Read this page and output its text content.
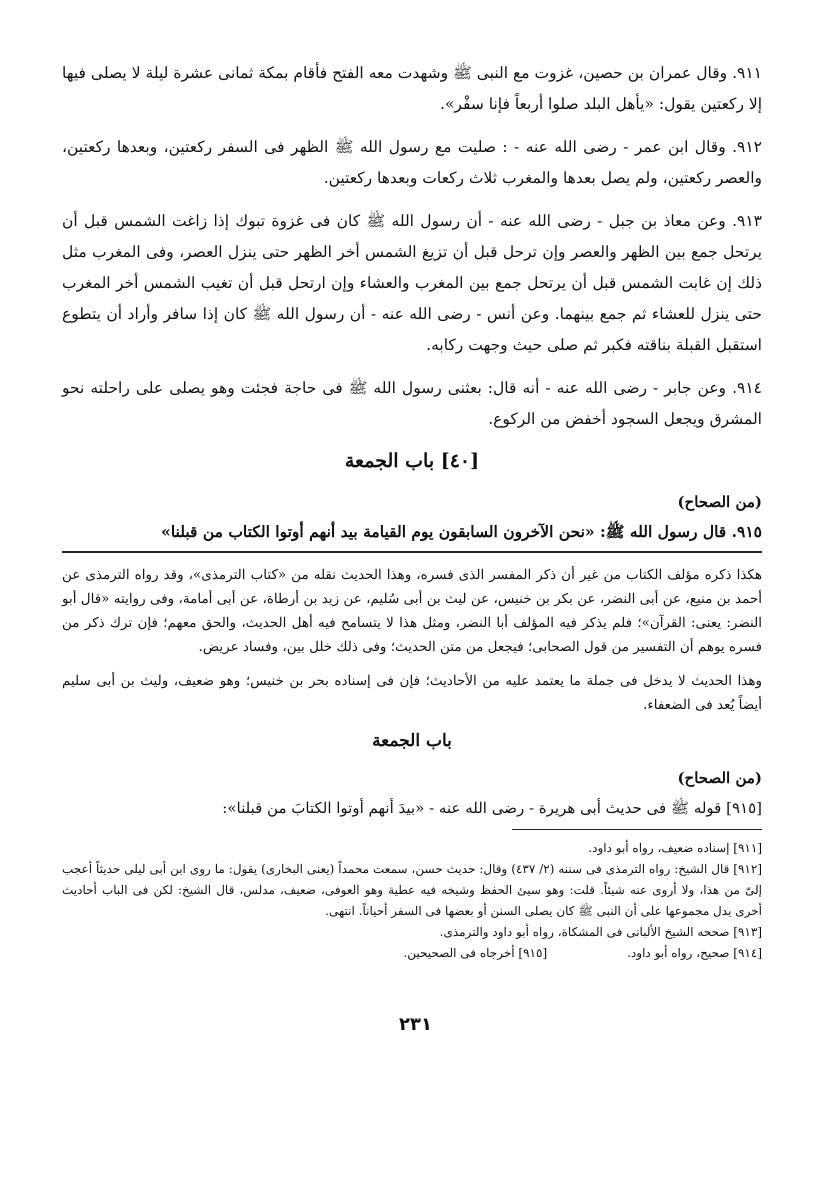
٩١١. وقال عمران بن حصين، غزوت مع النبى ﷺ وشهدت معه الفتح فأقام بمكة ثمانى عشرة ليلة لا يصلى فيها إلا ركعتين يقول: «يأهل البلد صلوا أربعاً فإنا سفْر».

٩١٢. وقال ابن عمر - رضى الله عنه - : صليت مع رسول الله ﷺ الظهر فى السفر ركعتين، وبعدها ركعتين، والعصر ركعتين، ولم يصل بعدها والمغرب ثلاث ركعات وبعدها ركعتين.

٩١٣. وعن معاذ بن جبل - رضى الله عنه - أن رسول الله ﷺ كان فى غزوة تبوك إذا زاغت الشمس قبل أن يرتحل جمع بين الظهر والعصر وإن ترحل قبل أن تزيغ الشمس أخر الظهر حتى ينزل العصر، وفى المغرب مثل ذلك إن غابت الشمس قبل أن يرتحل جمع بين المغرب والعشاء وإن ارتحل قبل أن تغيب الشمس أخر المغرب حتى ينزل للعشاء ثم جمع بينهما. وعن أنس - رضى الله عنه - أن رسول الله ﷺ كان إذا سافر وأراد أن يتطوع استقبل القبلة بناقته فكبر ثم صلى حيث وجهت ركابه.

٩١٤. وعن جابر - رضى الله عنه - أنه قال: بعثنى رسول الله ﷺ فى حاجة فجئت وهو يصلى على راحلته نحو المشرق ويجعل السجود أخفض من الركوع.

[٤٠] باب الجمعة
(من الصحاح)

٩١٥. قال رسول الله ﷺ: «نحن الآخرون السابقون يوم القيامة بيد أنهم أوتوا الكتاب من قبلنا»

هكذا ذكره مؤلف الكتاب من غير أن ذكر المفسر الذى فسره، وهذا الحديث نقله من «كتاب الترمذى»، وقد رواه الترمذى عن أحمد بن منيع، عن أبى النضر، عن بكر بن خنيس، عن ليث بن أبى سُليم، عن زيد بن أرطاة، عن أبى أمامة، وفى روايته «قال أبو النضر: يعنى: القرآن»؛ فلم يذكر فيه المؤلف أبا النضر، ومثل هذا لا يتسامح فيه أهل الحديث، والحق معهم؛ فإن ترك ذكر من فسره يوهم أن التفسير من قول الصحابى؛ فيجعل من متن الحديث؛ وفى ذلك خلل بين، وفساد عريض.

وهذا الحديث لا يدخل فى جملة ما يعتمد عليه من الأحاديث؛ فإن فى إسناده بحر بن خنيس؛ وهو ضعيف، وليث بن أبى سليم أيضاً يُعد فى الضعفاء.

باب الجمعة
(من الصحاح)

[٩١٥] قوله ﷺ فى حديث أبى هريرة - رضى الله عنه - «بيدَ أنهم أوتوا الكتابَ من قبلنا»:

[٩١١] إسناده ضعيف، رواه أبو داود.

[٩١٢] قال الشيخ: رواه الترمذى فى سننه (٢/ ٤٣٧) وقال: حديث حسن، سمعت محمداً (يعنى البخارى) يقول: ما روى ابن أبى ليلى حديثاً أعجب إلىّ من هذا، ولا أروى عنه شيئاً. قلت: وهو سيئ الحفظ وشيخه فيه عطية وهو العوفى، ضعيف، مدلس، قال الشيخ: لكن فى الباب أحاديث أخرى يدل مجموعها على أن النبى ﷺ كان يصلى السنن أو بعضها فى السفر أحياناً. انتهى.

[٩١٣] صححه الشيخ الألبانى فى المشكاة، رواه أبو داود والترمذى.

[٩١٤] صحيح، رواه أبو داود.
[٩١٥] أخرجاه فى الصحيحين.
٢٣١
